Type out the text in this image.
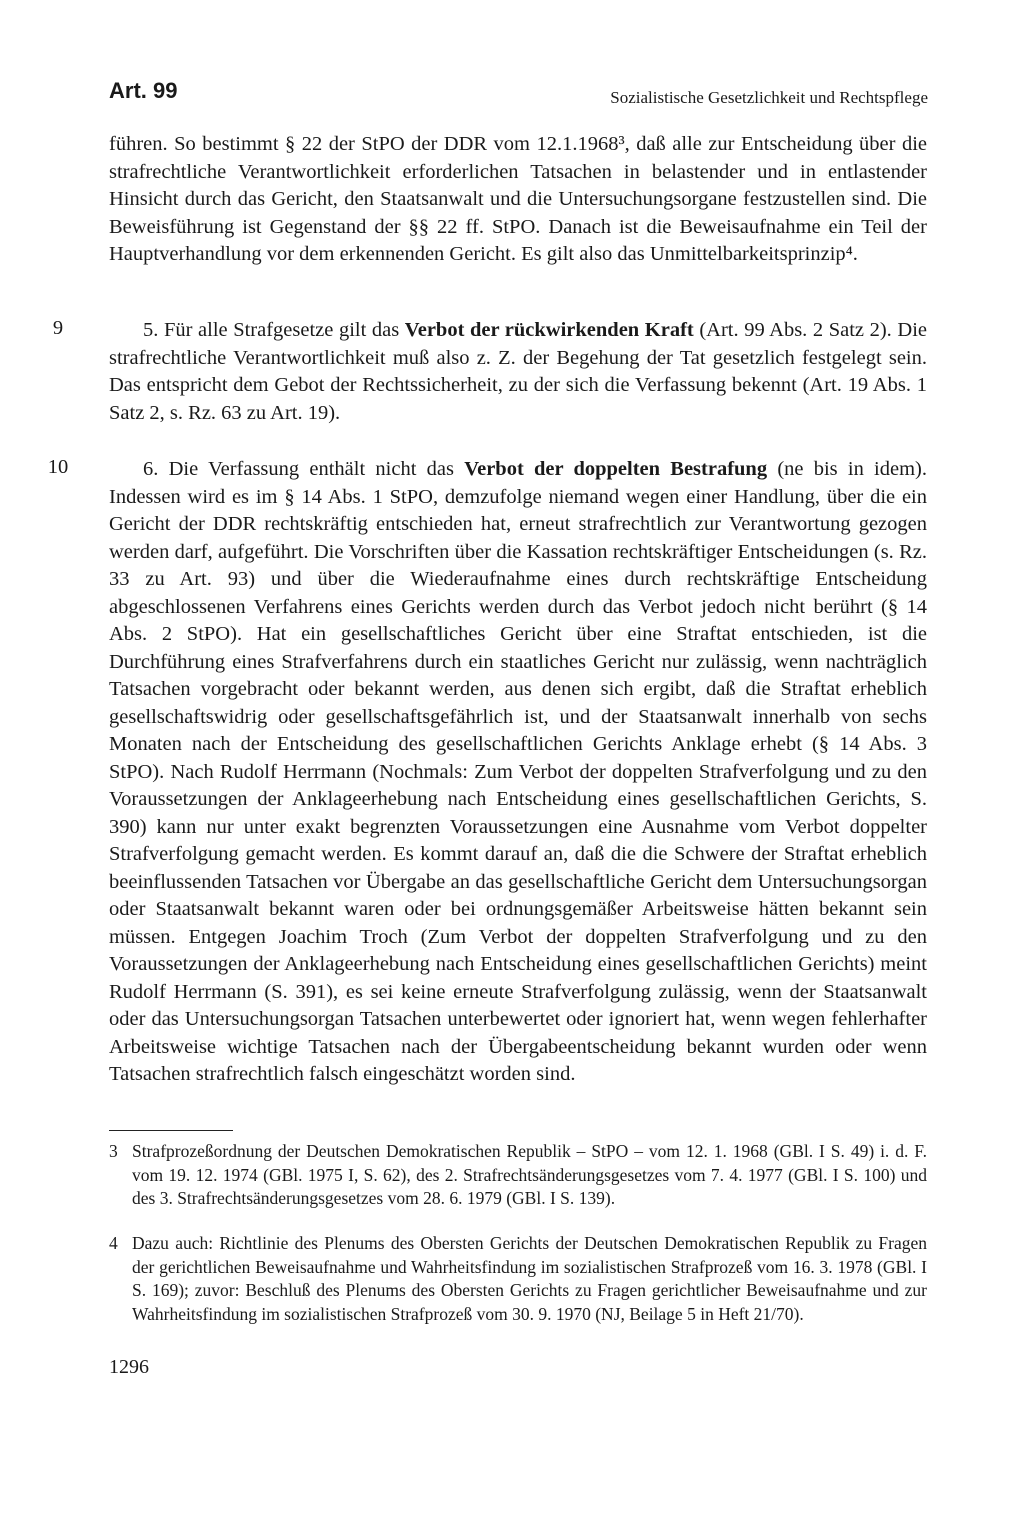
Art. 99	Sozialistische Gesetzlichkeit und Rechtspflege

führen. So bestimmt § 22 der StPO der DDR vom 12.1.1968³, daß alle zur Entscheidung über die strafrechtliche Verantwortlichkeit erforderlichen Tatsachen in belastender und in entlastender Hinsicht durch das Gericht, den Staatsanwalt und die Untersuchungsorgane festzustellen sind. Die Beweisführung ist Gegenstand der §§ 22 ff. StPO. Danach ist die Beweisaufnahme ein Teil der Hauptverhandlung vor dem erkennenden Gericht. Es gilt also das Unmittelbarkeitsprinzip⁴.

9	5. Für alle Strafgesetze gilt das Verbot der rückwirkenden Kraft (Art. 99 Abs. 2 Satz 2). Die strafrechtliche Verantwortlichkeit muß also z. Z. der Begehung der Tat gesetzlich festgelegt sein. Das entspricht dem Gebot der Rechtssicherheit, zu der sich die Verfassung bekennt (Art. 19 Abs. 1 Satz 2, s. Rz. 63 zu Art. 19).

10	6. Die Verfassung enthält nicht das Verbot der doppelten Bestrafung (ne bis in idem). Indessen wird es im § 14 Abs. 1 StPO, demzufolge niemand wegen einer Handlung, über die ein Gericht der DDR rechtskräftig entschieden hat, erneut strafrechtlich zur Verantwortung gezogen werden darf, aufgeführt. Die Vorschriften über die Kassation rechtskräftiger Entscheidungen (s. Rz. 33 zu Art. 93) und über die Wiederaufnahme eines durch rechtskräftige Entscheidung abgeschlossenen Verfahrens eines Gerichts werden durch das Verbot jedoch nicht berührt (§ 14 Abs. 2 StPO). Hat ein gesellschaftliches Gericht über eine Straftat entschieden, ist die Durchführung eines Strafverfahrens durch ein staatliches Gericht nur zulässig, wenn nachträglich Tatsachen vorgebracht oder bekannt werden, aus denen sich ergibt, daß die Straftat erheblich gesellschaftswidrig oder gesellschaftsgefährlich ist, und der Staatsanwalt innerhalb von sechs Monaten nach der Entscheidung des gesellschaftlichen Gerichts Anklage erhebt (§ 14 Abs. 3 StPO). Nach Rudolf Herrmann (Nochmals: Zum Verbot der doppelten Strafverfolgung und zu den Voraussetzungen der Anklageerhebung nach Entscheidung eines gesellschaftlichen Gerichts, S. 390) kann nur unter exakt begrenzten Voraussetzungen eine Ausnahme vom Verbot doppelter Strafverfolgung gemacht werden. Es kommt darauf an, daß die die Schwere der Straftat erheblich beeinflussenden Tatsachen vor Übergabe an das gesellschaftliche Gericht dem Untersuchungsorgan oder Staatsanwalt bekannt waren oder bei ordnungsgemäßer Arbeitsweise hätten bekannt sein müssen. Entgegen Joachim Troch (Zum Verbot der doppelten Strafverfolgung und zu den Voraussetzungen der Anklageerhebung nach Entscheidung eines gesellschaftlichen Gerichts) meint Rudolf Herrmann (S. 391), es sei keine erneute Strafverfolgung zulässig, wenn der Staatsanwalt oder das Untersuchungsorgan Tatsachen unterbewertet oder ignoriert hat, wenn wegen fehlerhafter Arbeitsweise wichtige Tatsachen nach der Übergabeentscheidung bekannt wurden oder wenn Tatsachen strafrechtlich falsch eingeschätzt worden sind.

3 Strafprozeßordnung der Deutschen Demokratischen Republik – StPO – vom 12. 1. 1968 (GBl. I S. 49) i. d. F. vom 19. 12. 1974 (GBl. 1975 I, S. 62), des 2. Strafrechtsänderungsgesetzes vom 7. 4. 1977 (GBl. I S. 100) und des 3. Strafrechtsänderungsgesetzes vom 28. 6. 1979 (GBl. I S. 139).
4 Dazu auch: Richtlinie des Plenums des Obersten Gerichts der Deutschen Demokratischen Republik zu Fragen der gerichtlichen Beweisaufnahme und Wahrheitsfindung im sozialistischen Strafprozeß vom 16. 3. 1978 (GBl. I S. 169); zuvor: Beschluß des Plenums des Obersten Gerichts zu Fragen gerichtlicher Beweisaufnahme und zur Wahrheitsfindung im sozialistischen Strafprozeß vom 30. 9. 1970 (NJ, Beilage 5 in Heft 21/70).
1296
